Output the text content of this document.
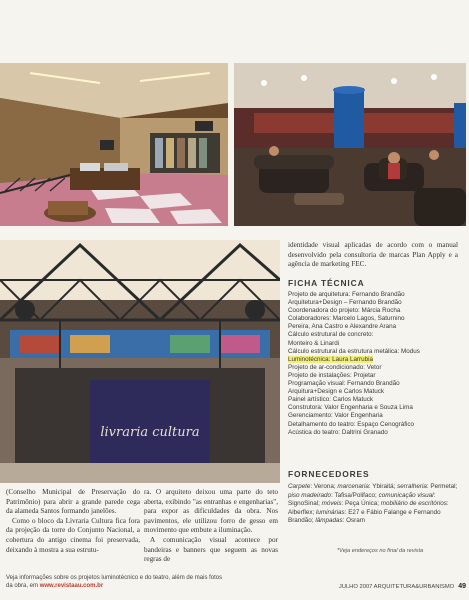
livraria cultura
identidade visual aplicadas de acordo com o manual desenvolvido pela consultoria de marcas Plan Apply e a agência de marketing FEC.
FICHA TÉCNICA
Projeto de arquitetura: Fernando Brandão
Arquitetura+Design – Fernando Brandão
Coordenadora do projeto: Márcia Rocha
Colaboradores: Marcelo Lagos, Saturnino
Pereira, Ana Castro e Alexandre Arana
Cálculo estrutural de concreto:
Monteiro & Linardi
Cálculo estrutural da estrutura metálica: Modus
Luminotécnica: Laura Larrubia
Projeto de ar-condicionado: Vetor
Projeto de instalações: Projetar
Programação visual: Fernando Brandão
Arquitura+Design e Carlos Matuck
Painel artístico: Carlos Matuck
Construtora: Valor Engenharia e Souza Lima
Gerenciamento: Valor Engenharia
Detalhamento do teatro: Espaço Cenográfico
Acústica do teatro: Daltrini Granado
FORNECEDORES
Carpete: Verona; marcenaria: Ybiraitá; serralheria: Permetal; piso madeirado: Tafisa/Polifaco; comunicação visual: SignoSinal; móveis: Peça Única; mobiliário de escritórios: Alberflex; luminárias: E27 e Fábio Falange e Fernando Brandão; lâmpadas: Osram
*Veja endereços no final da revista

(Conselho Municipal de Preservação do Patrimônio) para abrir a grande parede cega da alameda Santos formando janelões.

Como o bloco da Livraria Cultura fica fora da projeção da torre do Conjunto Nacional, a cobertura do antigo cinema foi preservada, deixando à mostra a sua estrutu-

ra. O arquiteto deixou uma parte do teto aberta, exibindo "as entranhas e engenharias", para expor as dificuldades da obra. Nos pavimentos, ele utilizou forro de gesso em movimento que embute a iluminação.

A comunicação visual acontece por bandeiras e banners que seguem as novas regras de

Veja informações sobre os projetos luminotécnico e do teatro, além de mais fotos da obra, em www.revistaau.com.br	JULHO 2007 ARQUITETURA&URBANISMO 49
